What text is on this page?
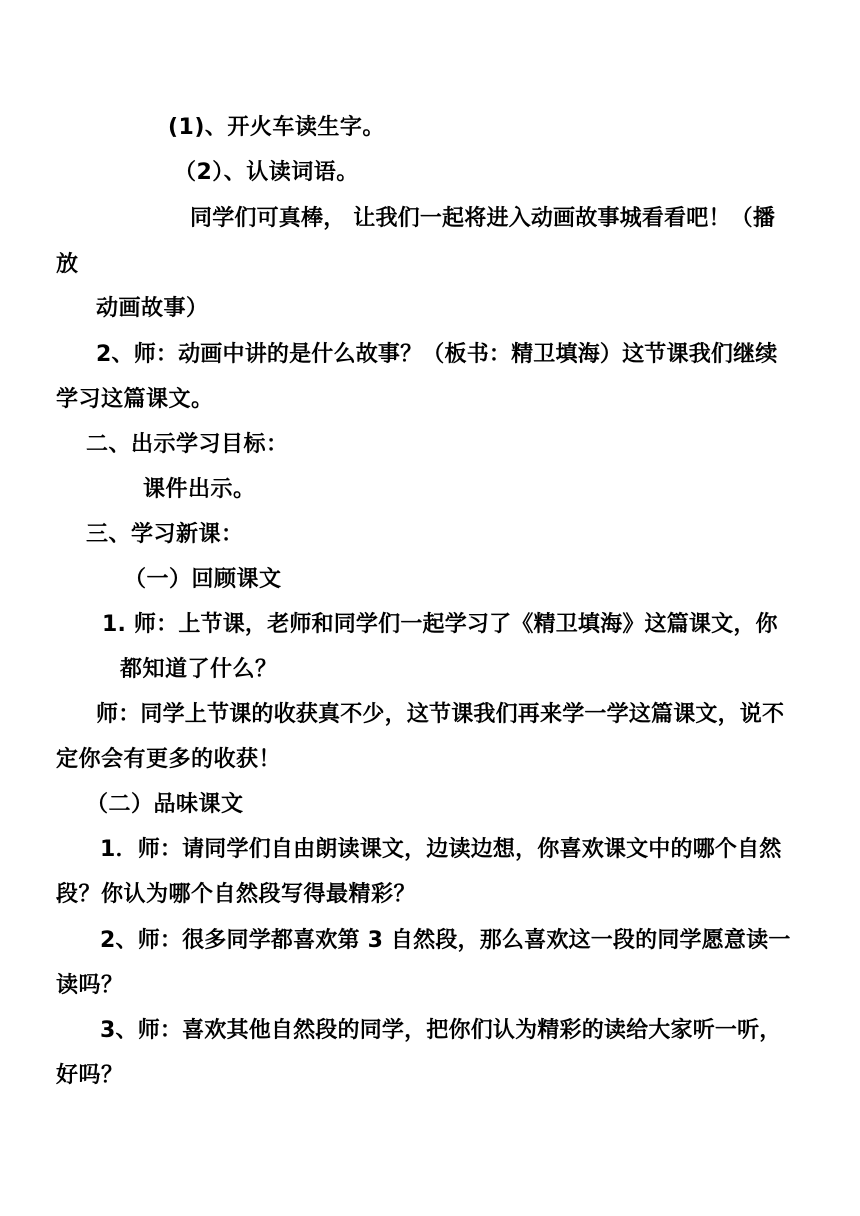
(1)、开火车读生字。
（2）、认读词语。
同学们可真棒， 让我们一起将进入动画故事城看看吧！（播
放
动画故事）
2、师：动画中讲的是什么故事？（板书：精卫填海）这节课我们继续
学习这篇课文。
二、出示学习目标：
课件出示。
三、学习新课：
（一）回顾课文
1. 师：上节课，老师和同学们一起学习了《精卫填海》这篇课文，你
都知道了什么？
师：同学上节课的收获真不少，这节课我们再来学一学这篇课文，说不
定你会有更多的收获！
（二）品味课文
1．师：请同学们自由朗读课文，边读边想，你喜欢课文中的哪个自然
段？你认为哪个自然段写得最精彩？
2、师：很多同学都喜欢第 3 自然段，那么喜欢这一段的同学愿意读一
读吗？
3、师：喜欢其他自然段的同学，把你们认为精彩的读给大家听一听，
好吗？
